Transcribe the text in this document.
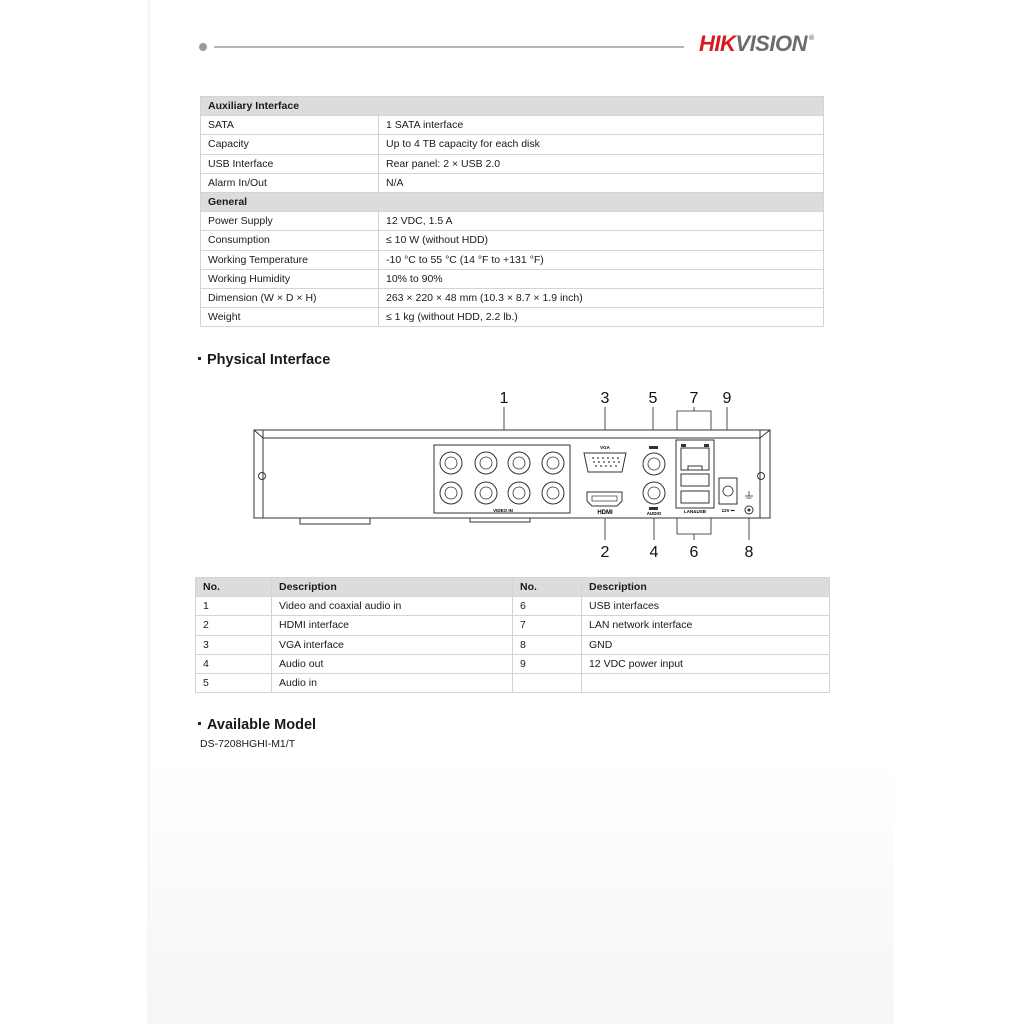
HIKVISION ®
Auxiliary Interface	
SATA	1 SATA interface
Capacity	Up to 4 TB capacity for each disk
USB Interface	Rear panel: 2 × USB 2.0
Alarm In/Out	N/A
General	
Power Supply	12 VDC, 1.5 A
Consumption	≤ 10 W (without HDD)
Working Temperature	-10 °C to 55 °C (14 °F to +131 °F)
Working Humidity	10% to 90%
Dimension (W × D × H)	263 × 220 × 48 mm (10.3 × 8.7 × 1.9 inch)
Weight	≤ 1 kg (without HDD, 2.2 lb.)
Physical Interface
1	3 5 7 9
2	4 6	8
VIDEO IN
VGA
HDMI	AUDIO	LAN&USB	12V ⎓
No.	Description	No.	Description
1	Video and coaxial audio in	6	USB interfaces
2	HDMI interface	7	LAN network interface
3	VGA interface	8	GND
4	Audio out	9	12 VDC power input
5	Audio in		
Available Model
DS-7208HGHI-M1/T
